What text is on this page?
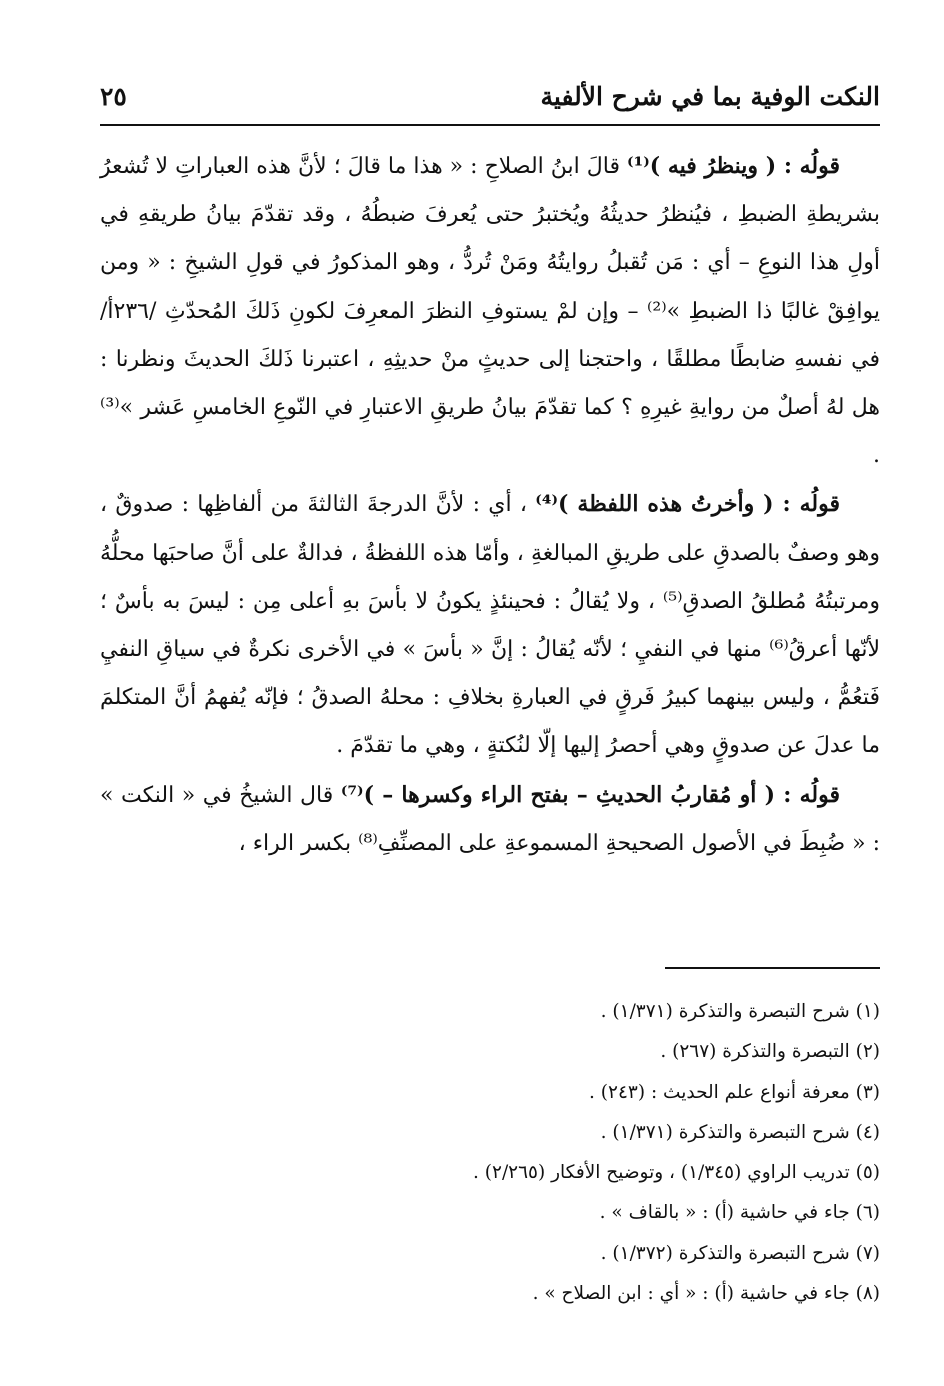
النكت الوفية بما في شرح الألفية
٢٥

قولُه : ( وينظرُ فيه )⁽¹⁾ قالَ ابنُ الصلاحِ : « هذا ما قالَ ؛ لأنَّ هذه العباراتِ لا تُشعرُ بشريطةِ الضبطِ ، فيُنظرُ حديثُهُ ويُختبرُ حتى يُعرفَ ضبطُهُ ، وقد تقدّمَ بيانُ طريقهِ في أولِ هذا النوعِ – أي : مَن تُقبلُ روايتُهُ ومَنْ تُردُّ ، وهو المذكورُ في قولِ الشيخِ : « ومن يوافِقْ غالبًا ذا الضبطِ »⁽²⁾ – وإن لمْ يستوفِ النظرَ المعرِفَ لكونِ ذَلكَ المُحدّثِ /٢٣٦أ/ في نفسهِ ضابطًا مطلقًا ، واحتجنا إلى حديثٍ منْ حديثِهِ ، اعتبرنا ذَلكَ الحديثَ ونظرنا : هل لهُ أصلٌ من روايةِ غيرِهِ ؟ كما تقدّمَ بيانُ طريقِ الاعتبارِ في النّوعِ الخامسِ عَشر »⁽³⁾ .

قولُه : ( وأخرتُ هذه اللفظة )⁽⁴⁾ ، أي : لأنَّ الدرجةَ الثالثةَ من ألفاظِها : صدوقٌ ، وهو وصفٌ بالصدقِ على طريقِ المبالغةِ ، وأمّا هذه اللفظةُ ، فدالةٌ على أنَّ صاحبَها محلُّهُ ومرتبتُهُ مُطلقُ الصدقِ⁽⁵⁾ ، ولا يُقالُ : فحينئذٍ يكونُ لا بأسَ بهِ أعلى مِن : ليسَ به بأسٌ ؛ لأنّها أعرقُ⁽⁶⁾ منها في النفيِ ؛ لأنّه يُقالُ : إنَّ « بأسَ » في الأخرى نكرةٌ في سياقِ النفيِ فَتعُمُّ ، وليس بينهما كبيرُ فَرقٍ في العبارةِ بخلافِ : محلهُ الصدقُ ؛ فإنّه يُفهمُ أنَّ المتكلمَ ما عدلَ عن صدوقٍ وهي أحصرُ إليها إلّا لنُكتةٍ ، وهي ما تقدّمَ .

قولُه : ( أو مُقاربُ الحديثِ – بفتح الراء وكسرها – )⁽⁷⁾ قال الشيخُ في « النكت » : « ضُبِطَ في الأصول الصحيحةِ المسموعةِ على المصنِّفِ⁽⁸⁾ بكسر الراء ،

(١) شرح التبصرة والتذكرة (١/٣٧١) .
(٢) التبصرة والتذكرة (٢٦٧) .
(٣) معرفة أنواع علم الحديث : (٢٤٣) .
(٤) شرح التبصرة والتذكرة (١/٣٧١) .
(٥) تدريب الراوي (١/٣٤٥) ، وتوضيح الأفكار (٢/٢٦٥) .
(٦) جاء في حاشية (أ) : « بالقاف » .
(٧) شرح التبصرة والتذكرة (١/٣٧٢) .
(٨) جاء في حاشية (أ) : « أي : ابن الصلاح » .
